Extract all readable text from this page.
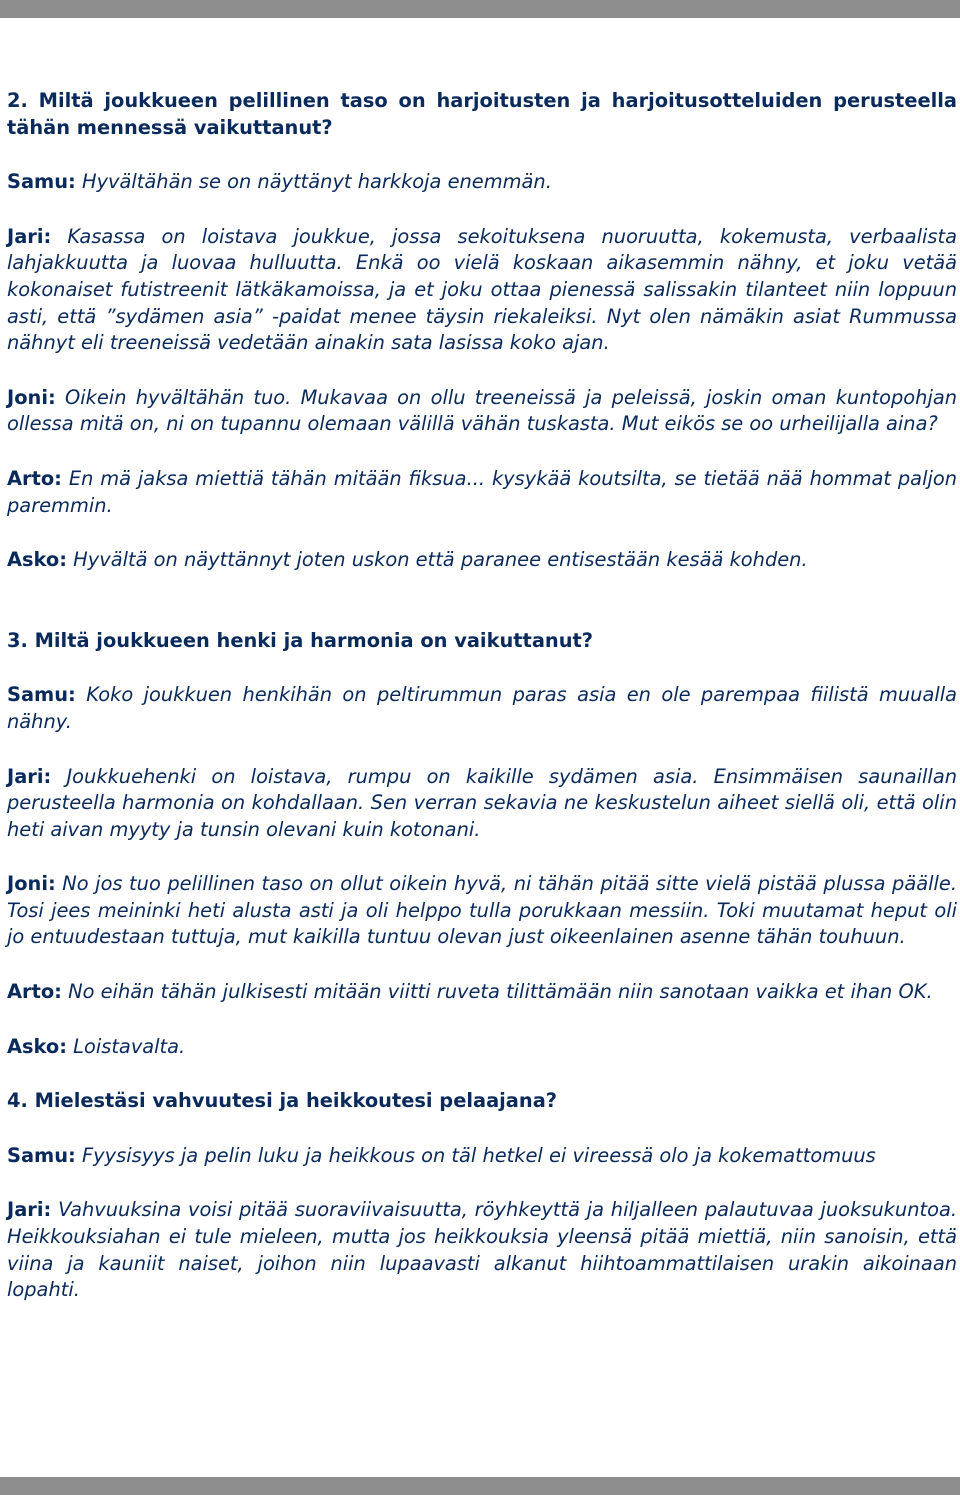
2. Miltä joukkueen pelillinen taso on harjoitusten ja harjoitusotteluiden perusteella tähän mennessä vaikuttanut?

Samu: Hyvältähän se on näyttänyt harkkoja enemmän.

Jari: Kasassa on loistava joukkue, jossa sekoituksena nuoruutta, kokemusta, verbaalista lahjakkuutta ja luovaa hulluutta. Enkä oo vielä koskaan aikasemmin nähny, et joku vetää kokonaiset futistreenit lätkäkamoissa, ja et joku ottaa pienessä salissakin tilanteet niin loppuun asti, että ”sydämen asia” -paidat menee täysin riekaleiksi. Nyt olen nämäkin asiat Rummussa nähnyt eli treeneissä vedetään ainakin sata lasissa koko ajan.

Joni: Oikein hyvältähän tuo. Mukavaa on ollu treeneissä ja peleissä, joskin oman kuntopohjan ollessa mitä on, ni on tupannu olemaan välillä vähän tuskasta. Mut eikös se oo urheilijalla aina?

Arto: En mä jaksa miettiä tähän mitään fiksua... kysykää koutsilta, se tietää nää hommat paljon paremmin.

Asko: Hyvältä on näyttännyt joten uskon että paranee entisestään kesää kohden.

3. Miltä joukkueen henki ja harmonia on vaikuttanut?

Samu: Koko joukkuen henkihän on peltirummun paras asia en ole parempaa fiilistä muualla nähny.

Jari: Joukkuehenki on loistava, rumpu on kaikille sydämen asia. Ensimmäisen saunaillan perusteella harmonia on kohdallaan. Sen verran sekavia ne keskustelun aiheet siellä oli, että olin heti aivan myyty ja tunsin olevani kuin kotonani.

Joni: No jos tuo pelillinen taso on ollut oikein hyvä, ni tähän pitää sitte vielä pistää plussa päälle. Tosi jees meininki heti alusta asti ja oli helppo tulla porukkaan messiin. Toki muutamat heput oli jo entuudestaan tuttuja, mut kaikilla tuntuu olevan just oikeenlainen asenne tähän touhuun.

Arto: No eihän tähän julkisesti mitään viitti ruveta tilittämään niin sanotaan vaikka et ihan OK.

Asko: Loistavalta.

4. Mielestäsi vahvuutesi ja heikkoutesi pelaajana?

Samu: Fyysisyys ja pelin luku ja heikkous on täl hetkel ei vireessä olo ja kokemattomuus

Jari: Vahvuuksina voisi pitää suoraviivaisuutta, röyhkeyttä ja hiljalleen palautuvaa juoksukuntoa. Heikkouksiahan ei tule mieleen, mutta jos heikkouksia yleensä pitää miettiä, niin sanoisin, että viina ja kauniit naiset, joihon niin lupaavasti alkanut hiihtoammattilaisen urakin aikoinaan lopahti.
